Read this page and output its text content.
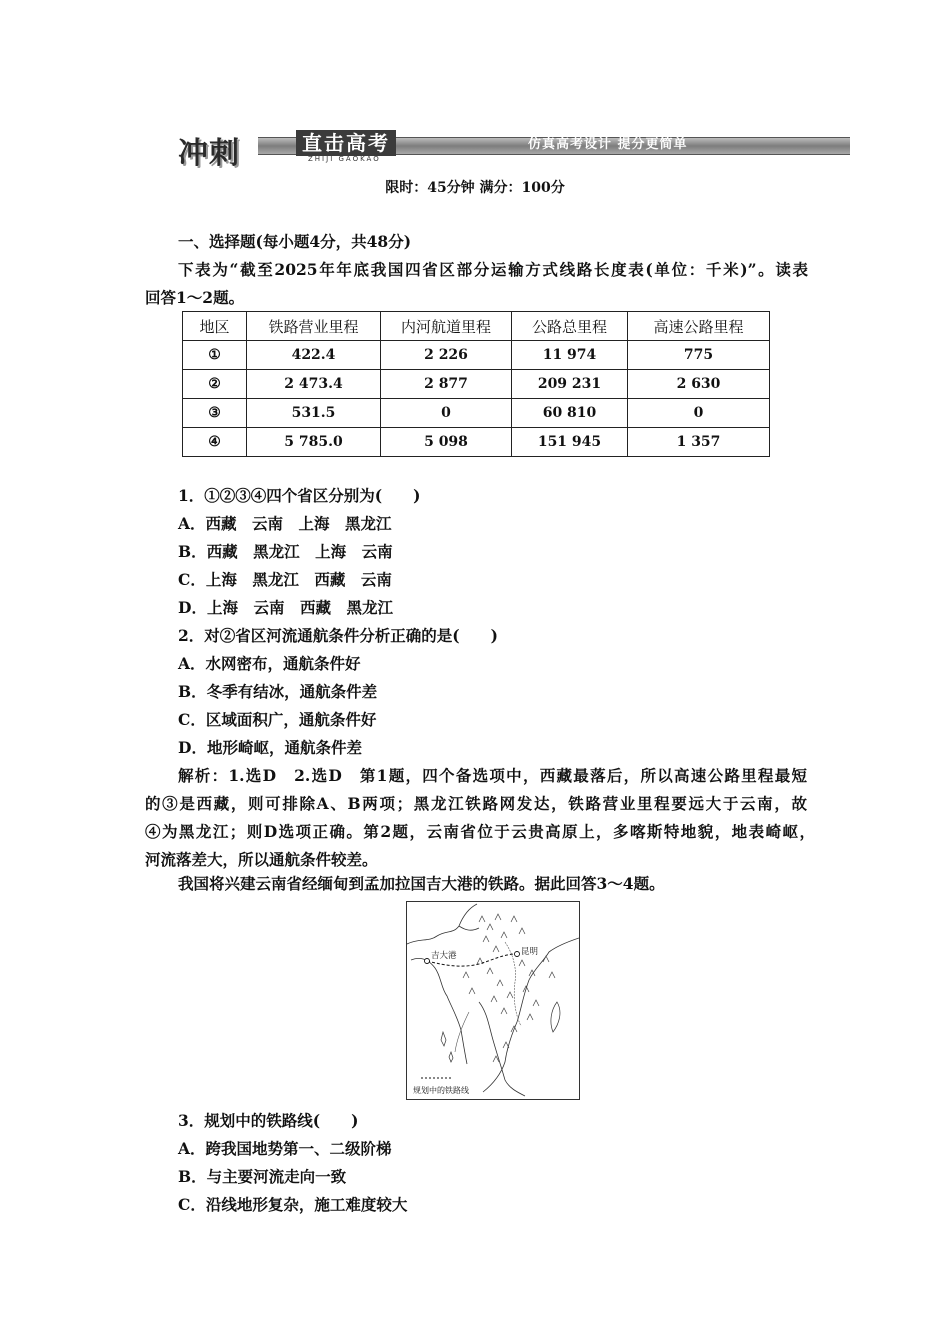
冲刺	直击高考
ZHIJI GAOKAO
仿真高考设计 提分更简单
限时：45分钟 满分：100分
一、选择题(每小题4分，共48分)
下表为“截至2025年年底我国四省区部分运输方式线路长度表(单位：千米)”。读表
回答1～2题。
地区	铁路营业里程	内河航道里程	公路总里程	高速公路里程
①	422.4	2 226	11 974	775
②	2 473.4	2 877	209 231	2 630
③	531.5	0	60 810	0
④	5 785.0	5 098	151 945	1 357
1．①②③④四个省区分别为(　　)
A．西藏　云南　上海　黑龙江
B．西藏　黑龙江　上海　云南
C．上海　黑龙江　西藏　云南
D．上海　云南　西藏　黑龙江
2．对②省区河流通航条件分析正确的是(　　)
A．水网密布，通航条件好
B．冬季有结冰，通航条件差
C．区域面积广，通航条件好
D．地形崎岖，通航条件差
解析：1.选D　2.选D　第1题，四个备选项中，西藏最落后，所以高速公路里程最短
的③是西藏，则可排除A、B两项；黑龙江铁路网发达，铁路营业里程要远大于云南，故
④为黑龙江；则D选项正确。第2题，云南省位于云贵高原上，多喀斯特地貌，地表崎岖，
河流落差大，所以通航条件较差。
我国将兴建云南省经缅甸到孟加拉国吉大港的铁路。据此回答3～4题。
吉大港	昆明
规划中的铁路线
3．规划中的铁路线(　　)
A．跨我国地势第一、二级阶梯
B．与主要河流走向一致
C．沿线地形复杂，施工难度较大
